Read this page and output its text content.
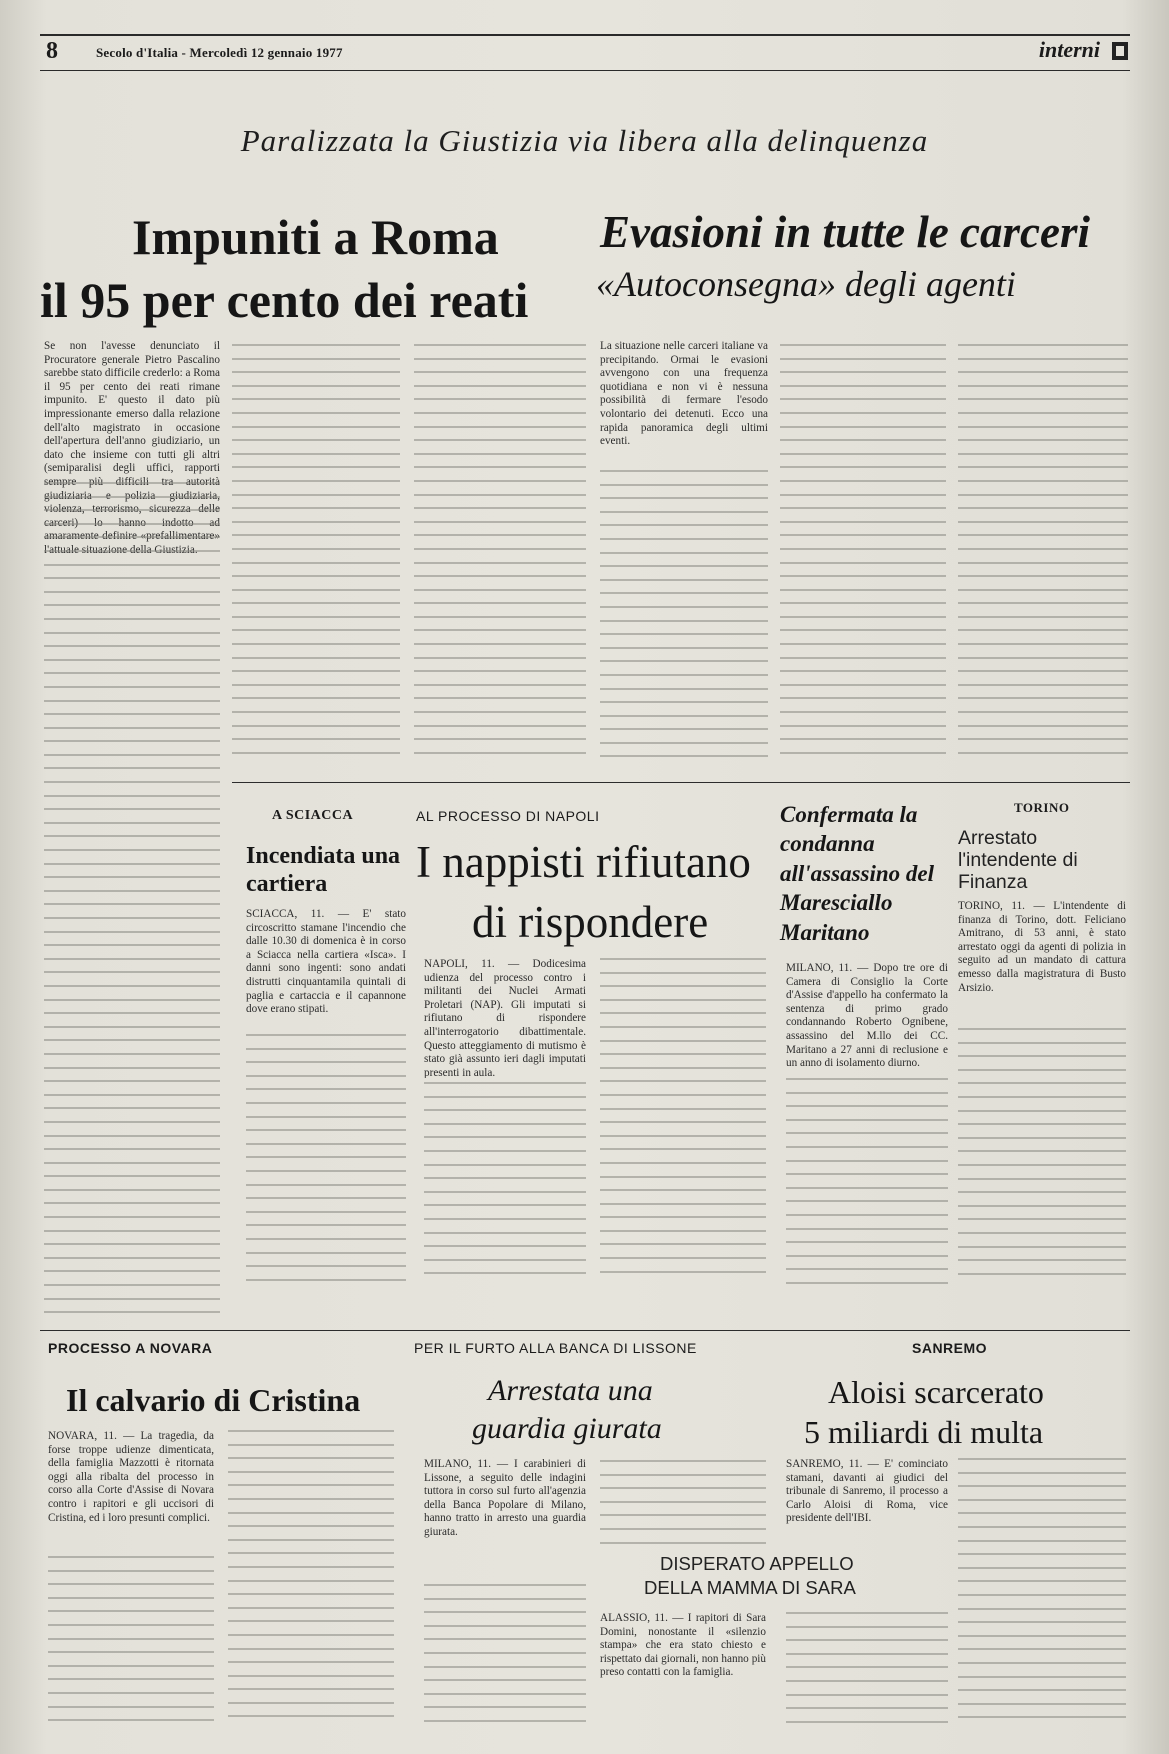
8	Secolo d'Italia - Mercoledì 12 gennaio 1977	interni
Paralizzata la Giustizia via libera alla delinquenza
Impuniti a Roma
il 95 per cento dei reati
Evasioni in tutte le carceri
«Autoconsegna» degli agenti
Se non l'avesse denunciato il Procuratore generale Pietro Pascalino sarebbe stato difficile crederlo: a Roma il 95 per cento dei reati rimane impunito. E' questo il dato più impressionante emerso dalla relazione dell'alto magistrato in occasione dell'apertura dell'anno giudiziario, un dato che insieme con tutti gli altri (semiparalisi degli uffici, rapporti
La situazione nelle carceri italiane va precipitando. Ormai le evasioni avvengono con una frequenza quotidiana e non vi è nessuna possibilità di fermare l'esodo volontario dei detenuti. Ecco una rapida panoramica degli ultimi eventi.
A SCIACCA
Incendiata una cartiera
SCIACCA, 11. — E' stato circoscritto stamane l'incendio che dalle 10.30 di domenica è in corso a Sciacca nella cartiera «Isca». I danni sono ingenti: sono andati distrutti cinquantamila quintali di paglia e cartaccia e il capannone dove erano stipati.
AL PROCESSO DI NAPOLI
I nappisti rifiutano
di rispondere
NAPOLI, 11. — Dodicesima udienza del processo contro i militanti dei Nuclei Armati Proletari (NAP). Gli imputati si rifiutano di rispondere all'interrogatorio dibattimentale. Questo atteggiamento di mutismo è stato già assunto ieri dagli imputati presenti in aula.
Confermata la condanna all'assassino del Maresciallo Maritano
MILANO, 11. — Dopo tre ore di Camera di Consiglio la Corte d'Assise d'appello ha confermato la sentenza di primo grado condannando Roberto Ognibene, assassino del M.llo dei CC. Maritano a 27 anni di reclusione e un anno di isolamento diurno.
TORINO
Arrestato l'intendente di Finanza
TORINO, 11. — L'intendente di finanza di Torino, dott. Feliciano Amitrano, di 53 anni, è stato arrestato oggi da agenti di polizia in seguito ad un mandato di cattura emesso dalla magistratura di Busto Arsizio.
PROCESSO A NOVARA
Il calvario di Cristina
NOVARA, 11. — La tragedia, da forse troppe udienze dimenticata, della famiglia Mazzotti è ritornata oggi alla ribalta del processo in corso alla Corte d'Assise di Novara contro i rapitori e gli uccisori di Cristina, ed i loro presunti complici.
PER IL FURTO ALLA BANCA DI LISSONE
Arrestata una
guardia giurata
MILANO, 11. — I carabinieri di Lissone, a seguito delle indagini tuttora in corso sul furto all'agenzia della Banca Popolare di Milano, hanno tratto in arresto una guardia giurata.
SANREMO
Aloisi scarcerato
5 miliardi di multa
SANREMO, 11. — E' cominciato stamani, davanti ai giudici del tribunale di Sanremo, il processo a Carlo Aloisi di Roma, vice presidente dell'IBI.
DISPERATO APPELLO
DELLA MAMMA DI SARA
ALASSIO, 11. — I rapitori di Sara Domini, nonostante il «silenzio stampa» che era stato chiesto e rispettato dai giornali, non hanno più preso contatti con la famiglia.
